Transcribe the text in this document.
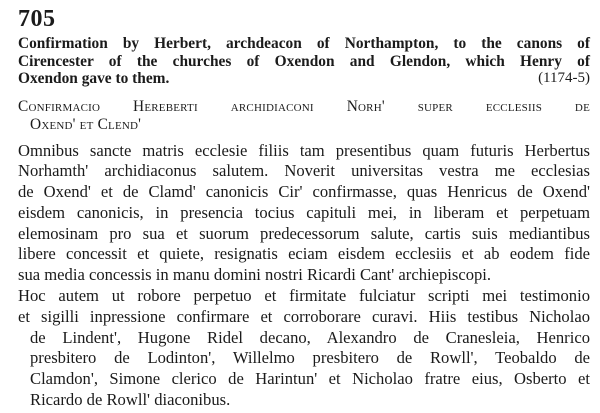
705
Confirmation by Herbert, archdeacon of Northampton, to the canons of
Cirencester of the churches of Oxendon and Glendon, which Henry of
(1174-5)
Oxendon gave to them.
Confirmacio Hereberti archidiaconi Norh' super ecclesiis de
Oxend' et Clend'
Omnibus sancte matris ecclesie filiis tam presentibus quam futuris Herbertus
Norhamth' archidiaconus salutem. Noverit universitas vestra me ecclesias
de Oxend' et de Clamd' canonicis Cir' confirmasse, quas Henricus de Oxend'
eisdem canonicis, in presencia tocius capituli mei, in liberam et perpetuam
elemosinam pro sua et suorum predecessorum salute, cartis suis mediantibus
libere concessit et quiete, resignatis eciam eisdem ecclesiis et ab eodem fide
sua media concessis in manu domini nostri Ricardi Cant' archiepiscopi.
Hoc autem ut robore perpetuo et firmitate fulciatur scripti mei testimonio
et sigilli inpressione confirmare et corroborare curavi. Hiis testibus Nicholao
de Lindent', Hugone Ridel decano, Alexandro de Cranesleia, Henrico
presbitero de Lodinton', Willelmo presbitero de Rowll', Teobaldo de
Clamdon', Simone clerico de Harintun' et Nicholao fratre eius, Osberto et
Ricardo de Rowll' diaconibus.
